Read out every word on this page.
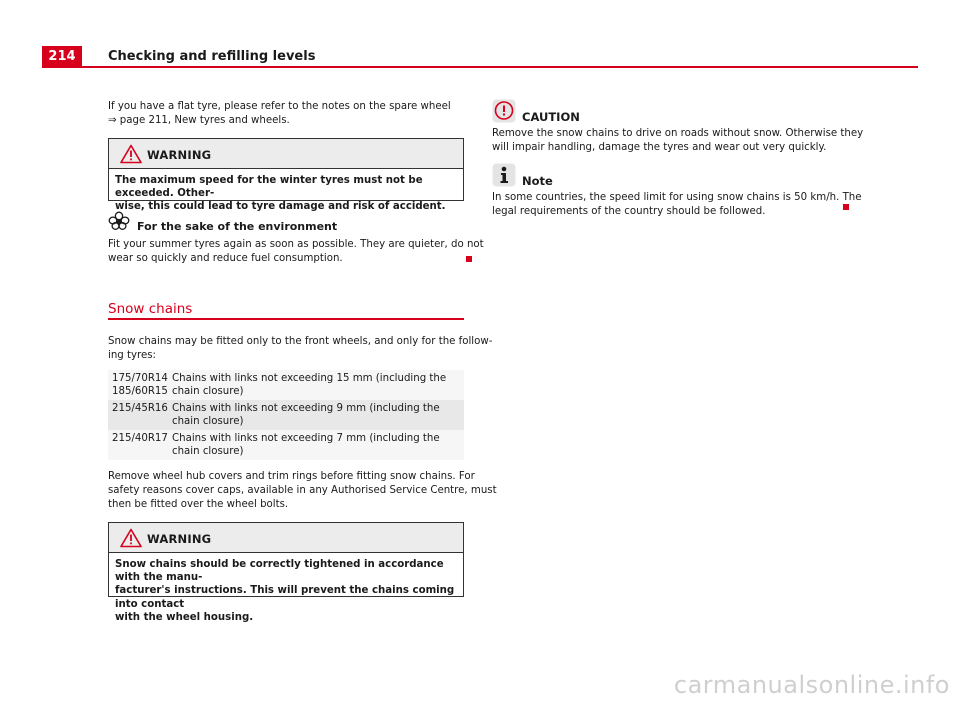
214	Checking and refilling levels
If you have a flat tyre, please refer to the notes on the spare wheel
⇒ page 211, New tyres and wheels.
WARNING
The maximum speed for the winter tyres must not be exceeded. Other-
wise, this could lead to tyre damage and risk of accident.
For the sake of the environment
Fit your summer tyres again as soon as possible. They are quieter, do not
wear so quickly and reduce fuel consumption.
Snow chains
Snow chains may be fitted only to the front wheels, and only for the follow-
ing tyres:
175/70R14
185/60R15	Chains with links not exceeding 15 mm (including the chain closure)
215/45R16	Chains with links not exceeding 9 mm (including the chain closure)
215/40R17	Chains with links not exceeding 7 mm (including the chain closure)
Remove wheel hub covers and trim rings before fitting snow chains. For
safety reasons cover caps, available in any Authorised Service Centre, must
then be fitted over the wheel bolts.
WARNING
Snow chains should be correctly tightened in accordance with the manu-
facturer's instructions. This will prevent the chains coming into contact
with the wheel housing.
CAUTION
Remove the snow chains to drive on roads without snow. Otherwise they
will impair handling, damage the tyres and wear out very quickly.
Note
In some countries, the speed limit for using snow chains is 50 km/h. The
legal requirements of the country should be followed.
carmanualsonline.info
